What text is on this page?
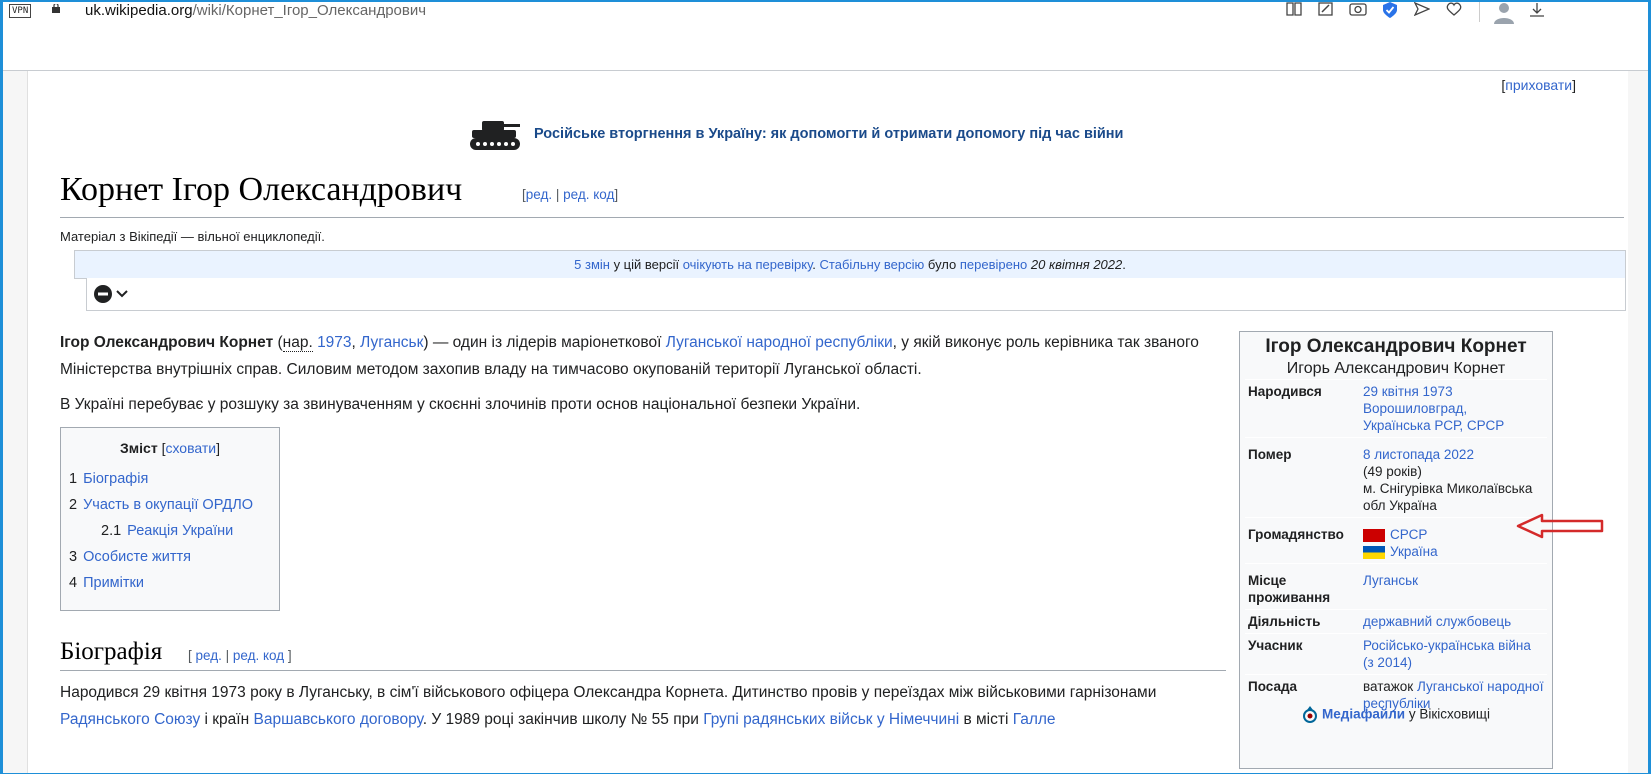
VPN	uk.wikipedia.org/wiki/Корнет_Ігор_Олександрович
[приховати]
Російське вторгнення в Україну: як допомогти й отримати допомогу під час війни
Корнет Ігор Олександрович	[ред. | ред. код]
Матеріал з Вікіпедії — вільної енциклопедії.
5 змін у цій версії очікують на перевірку. Стабільну версію було перевірено 20 квітня 2022.

Ігор Олександрович Корнет (нар. 1973, Луганськ) — один із лідерів маріонеткової Луганської народної республіки, у якій виконує роль керівника так званого Міністерства внутрішніх справ. Силовим методом захопив владу на тимчасово окупованій території Луганської області.

В Україні перебуває у розшуку за звинуваченням у скоєнні злочинів проти основ національної безпеки України.

Зміст [сховати]
1 Біографія
2 Участь в окупації ОРДЛО
2.1 Реакція України
3 Особисте життя
4 Примітки
Біографія [ ред. | ред. код ]
Народився 29 квітня 1973 року в Луганську, в сім'ї військового офіцера Олександра Корнета. Дитинство провів у переїздах між військовими гарнізонами Радянського Союзу і країн Варшавського договору. У 1989 році закінчив школу № 55 при Групі радянських військ у Німеччині в місті Галле
Ігор Олександрович Корнет
Игорь Александрович Корнет
Народився	29 квітня 1973
Ворошиловград,
Українська РСР, СРСР
Помер	8 листопада 2022
(49 років)
м. Снігурівка Миколаївська обл Україна
Громадянство	СРСР
Україна
Місце проживання	Луганськ
Діяльність	державний службовець
Учасник	Російсько-українська війна (з 2014)
Посада	ватажок Луганської народної республіки
Медіафайли у Вікісховищі
